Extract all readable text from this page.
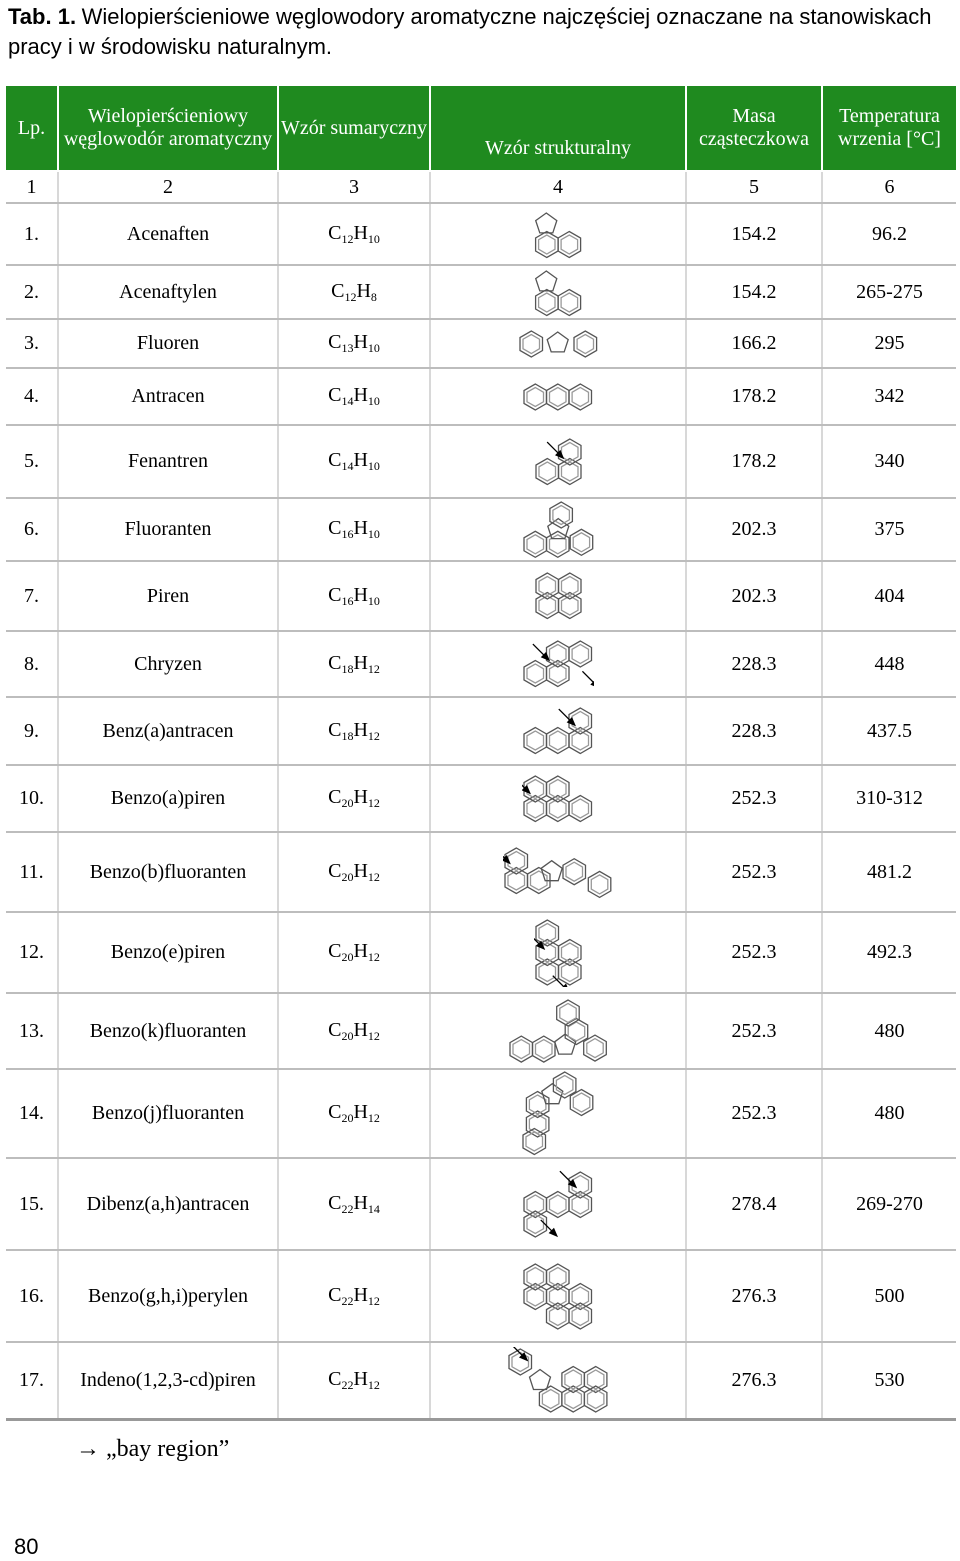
Tab. 1. Wielopierścieniowe węglowodory aromatyczne najczęściej oznaczane na stanowiskach pracy i w środowisku naturalnym.
Lp.	Wielopierścieniowy węglowodór aromatyczny	Wzór sumaryczny	Wzór strukturalny	Masa cząsteczkowa	Temperatura wrzenia [°C]
1	2	3	4	5	6
1.	Acenaften	$C_{12}H_{10}$		154.2	96.2
2.	Acenaftylen	$C_{12}H_8$		154.2	265-275
3.	Fluoren	$C_{13}H_{10}$		166.2	295
4.	Antracen	$C_{14}H_{10}$		178.2	342
5.	Fenantren	$C_{14}H_{10}$		178.2	340
6.	Fluoranten	$C_{16}H_{10}$		202.3	375
7.	Piren	$C_{16}H_{10}$		202.3	404
8.	Chryzen	$C_{18}H_{12}$		228.3	448
9.	Benz(a)antracen	$C_{18}H_{12}$		228.3	437.5
10.	Benzo(a)piren	$C_{20}H_{12}$		252.3	310-312
11.	Benzo(b)fluoranten	$C_{20}H_{12}$		252.3	481.2
12.	Benzo(e)piren	$C_{20}H_{12}$		252.3	492.3
13.	Benzo(k)fluoranten	$C_{20}H_{12}$		252.3	480
14.	Benzo(j)fluoranten	$C_{20}H_{12}$		252.3	480
15.	Dibenz(a,h)antracen	$C_{22}H_{14}$		278.4	269-270
16.	Benzo(g,h,i)perylen	$C_{22}H_{12}$		276.3	500
17.	Indeno(1,2,3-cd)piren	$C_{22}H_{12}$		276.3	530
→ „bay region”
80
